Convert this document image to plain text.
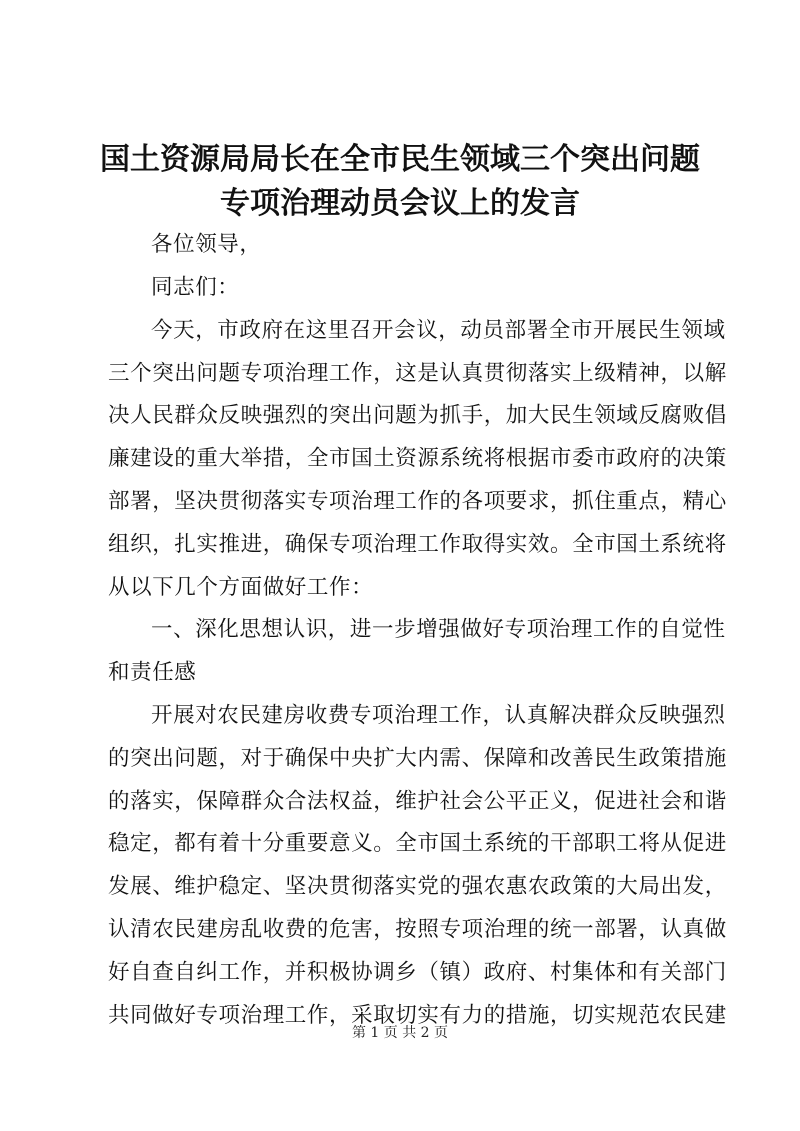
国土资源局局长在全市民生领域三个突出问题
专项治理动员会议上的发言
各位领导，
同志们：
今天，市政府在这里召开会议，动员部署全市开展民生领域
三个突出问题专项治理工作，这是认真贯彻落实上级精神，以解
决人民群众反映强烈的突出问题为抓手，加大民生领域反腐败倡
廉建设的重大举措，全市国土资源系统将根据市委市政府的决策
部署，坚决贯彻落实专项治理工作的各项要求，抓住重点，精心
组织，扎实推进，确保专项治理工作取得实效。全市国土系统将
从以下几个方面做好工作：
一、深化思想认识，进一步增强做好专项治理工作的自觉性
和责任感
开展对农民建房收费专项治理工作，认真解决群众反映强烈
的突出问题，对于确保中央扩大内需、保障和改善民生政策措施
的落实，保障群众合法权益，维护社会公平正义，促进社会和谐
稳定，都有着十分重要意义。全市国土系统的干部职工将从促进
发展、维护稳定、坚决贯彻落实党的强农惠农政策的大局出发，
认清农民建房乱收费的危害，按照专项治理的统一部署，认真做
好自查自纠工作，并积极协调乡（镇）政府、村集体和有关部门
共同做好专项治理工作，采取切实有力的措施，切实规范农民建
第 1 页 共 2 页
